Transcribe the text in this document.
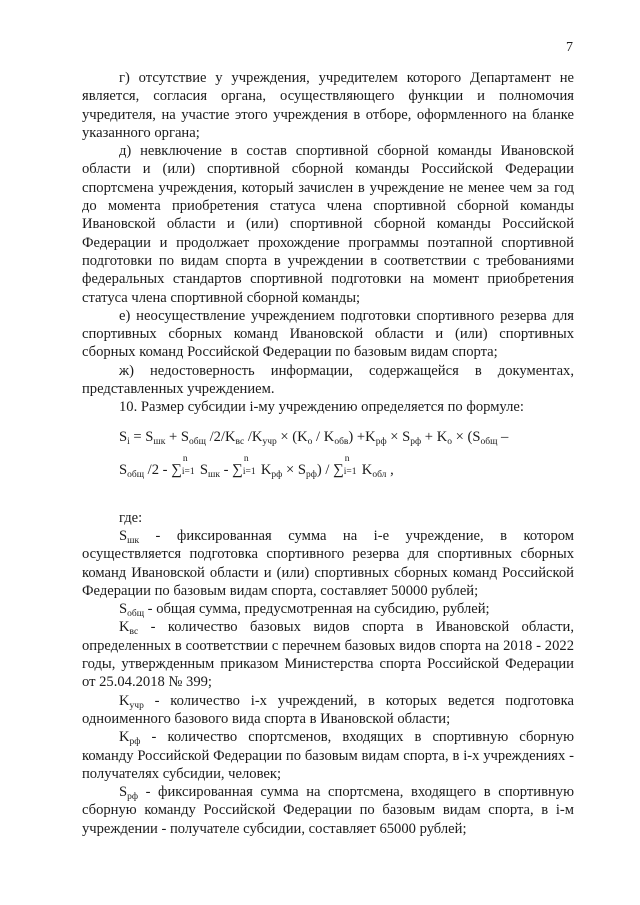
7

г) отсутствие у учреждения, учредителем которого Департамент не является, согласия органа, осуществляющего функции и полномочия учредителя, на участие этого учреждения в отборе, оформленного на бланке указанного органа;

д) невключение в состав спортивной сборной команды Ивановской области и (или) спортивной сборной команды Российской Федерации спортсмена учреждения, который зачислен в учреждение не менее чем за год до момента приобретения статуса члена спортивной сборной команды Ивановской области и (или) спортивной сборной команды Российской Федерации и продолжает прохождение программы поэтапной спортивной подготовки по видам спорта в учреждении в соответствии с требованиями федеральных стандартов спортивной подготовки на момент приобретения статуса члена спортивной сборной команды;

е) неосуществление учреждением подготовки спортивного резерва для спортивных сборных команд Ивановской области и (или) спортивных сборных команд Российской Федерации по базовым видам спорта;

ж) недостоверность информации, содержащейся в документах, представленных учреждением.

10. Размер субсидии i-му учреждению определяется по формуле:

$S_i = S_{шк} + S_{общ}$ $/2/K_{вс}$ $/K_{учр} \times (K_о / K_{обв}) +K_{рф} \times S_{рф} + K_о \times (S_{общ}$ –
$S_{общ}$ /2 - ∑
n
i=1 $S_{шк}$ - ∑
n
i=1 $K_{рф} \times S_{рф}$) / ∑
n
i=1 $K_{обл}$ ,
где:

$S_{шк}$ - фиксированная сумма на i-е учреждение, в котором осуществляется подготовка спортивного резерва для спортивных сборных команд Ивановской области и (или) спортивных сборных команд Российской Федерации по базовым видам спорта, составляет 50000 рублей;

$S_{общ}$ - общая сумма, предусмотренная на субсидию, рублей;

$K_{вс}$ - количество базовых видов спорта в Ивановской области, определенных в соответствии с перечнем базовых видов спорта на 2018 - 2022 годы, утвержденным приказом Министерства спорта Российской Федерации от 25.04.2018 № 399;

$K_{учр}$ - количество i-х учреждений, в которых ведется подготовка одноименного базового вида спорта в Ивановской области;

$K_{рф}$ - количество спортсменов, входящих в спортивную сборную команду Российской Федерации по базовым видам спорта, в i-х учреждениях - получателях субсидии, человек;

$S_{рф}$ - фиксированная сумма на спортсмена, входящего в спортивную сборную команду Российской Федерации по базовым видам спорта, в i-м учреждении - получателе субсидии, составляет 65000 рублей;
